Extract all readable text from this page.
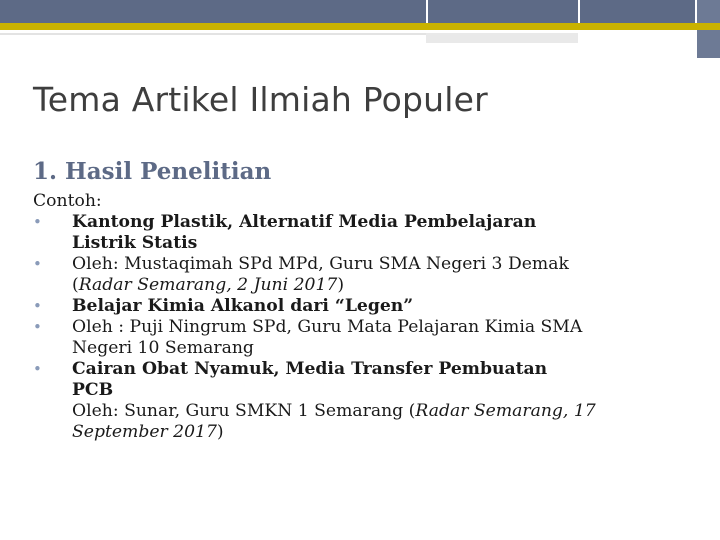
Tema Artikel Ilmiah Populer
1. Hasil Penelitian
Contoh:
•	Kantong Plastik, Alternatif Media Pembelajaran
Listrik Statis
•	Oleh: Mustaqimah SPd MPd, Guru SMA Negeri 3 Demak
(Radar Semarang, 2 Juni 2017)
•	Belajar Kimia Alkanol dari “Legen”
•	Oleh : Puji Ningrum SPd, Guru Mata Pelajaran Kimia SMA
Negeri 10 Semarang
•	Cairan Obat Nyamuk, Media Transfer Pembuatan
PCB
Oleh: Sunar, Guru SMKN 1 Semarang (Radar Semarang, 17
September 2017)
